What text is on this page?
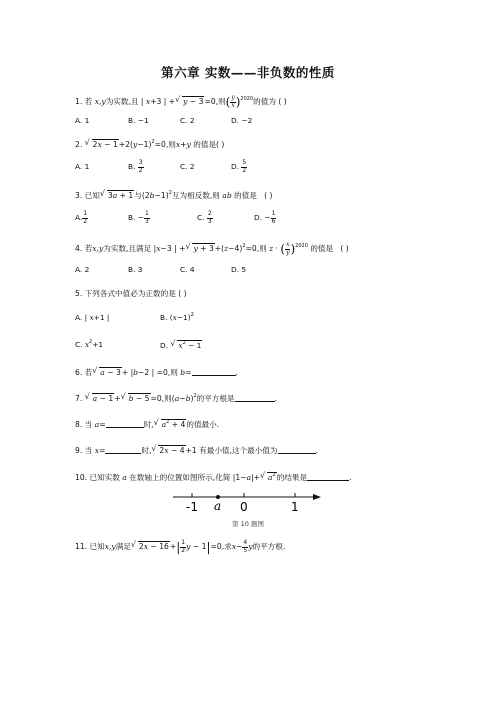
第六章 实数——非负数的性质
1. 若 x,y为实数,且 | x+3 | + √ y − 3=0,则( $\frac{y}{x} )^{2020}$的值为 ( )
A. 1	B. −1	C. 2	D. −2
2. √ $2x - 1+2(y-1)^2=0$,则x+y 的值是( )
A. 1	B. $\frac{3}{2}$	C. 2	D. $\frac{5}{2}$
3. 已知 √ 3a + 1与$(2b-1)^2$互为相反数,则 ab 的值是 ( )
A. $\frac{1}{2}$	B. − $\frac{1}{3}$	C. $\frac{2}{3}$	D. − $\frac{1}{6}$
4. 若x,y为实数,且满足 |x−3 | + √ $y + 3+(z-4)^2=0$,则 z · ( $\frac{x}{y} )^{2020}$ 的值是 ( )
A. 2	B. 3	C. 4	D. 5
5. 下列各式中值必为正数的是 ( )
A. | x+1 |	B. $(x-1)^2$
C. $x^2+1$	D. √ $x^2 - 1$
6. 若 √ a − 3+ |b−2 | =0,则 b=	.
7. √ a − 1+ √ b − 5=0,则$(a-b)^2$的平方根是	.
8. 当 a=	时, √ $a^2 + 4$的值最小.
9. 当 x=	时, √ 2x − 4+1 有最小值,这个最小值为	.
10. 已知实数 a 在数轴上的位置如图所示,化简 |1−a|+ √ $a^2$的结果是	.
-1 a 0	1
第 10 题图
11. 已知x,y满足 √ $2x - 16+| \frac{1}{2}$ y − 1|=0,求$x- \frac{4}{5}$ y的平方根.
